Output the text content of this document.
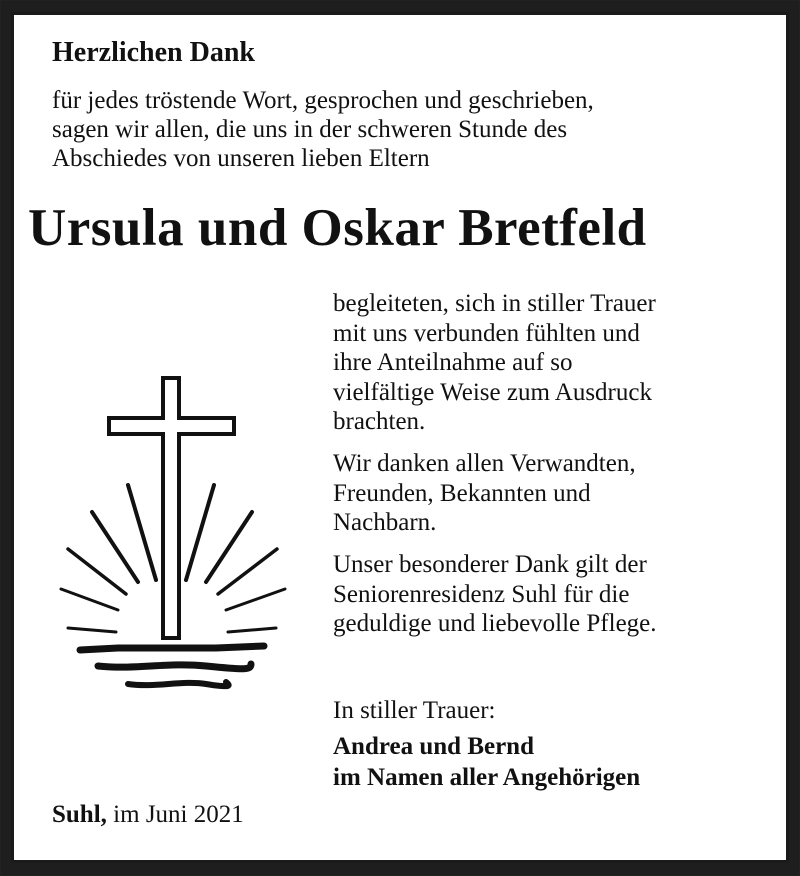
Herzlichen Dank
für jedes tröstende Wort, gesprochen und geschrieben,
sagen wir allen, die uns in der schweren Stunde des
Abschiedes von unseren lieben Eltern
Ursula und Oskar Bretfeld
begleiteten, sich in stiller Trauer
mit uns verbunden fühlten und
ihre Anteilnahme auf so
vielfältige Weise zum Ausdruck
brachten.
Wir danken allen Verwandten,
Freunden, Bekannten und
Nachbarn.
Unser besonderer Dank gilt der
Seniorenresidenz Suhl für die
geduldige und liebevolle Pflege.
In stiller Trauer:
Andrea und Bernd
im Namen aller Angehörigen
Suhl, im Juni 2021
